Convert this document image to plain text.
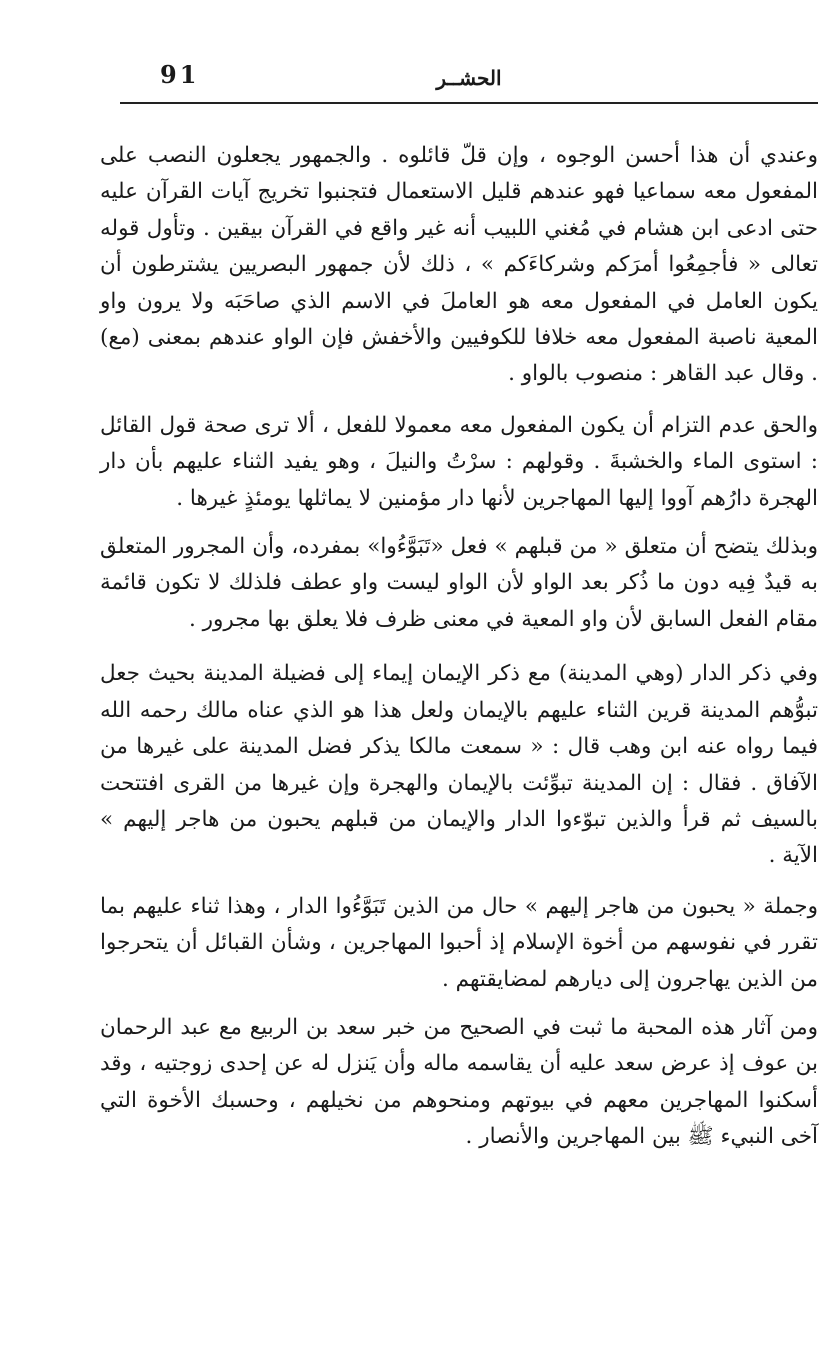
91	الحشــر

وعندي أن هذا أحسن الوجوه ، وإن قلّ قائلوه . والجمهور يجعلون النصب على المفعول معه سماعيا فهو عندهم قليل الاستعمال فتجنبوا تخريج آيات القرآن عليه حتى ادعى ابن هشام في مُغني اللبيب أنه غير واقع في القرآن بيقين . وتأول قوله تعالى « فأجمِعُوا أمرَكم وشركاءَكم » ، ذلك لأن جمهور البصريين يشترطون أن يكون العامل في المفعول معه هو العاملَ في الاسم الذي صاحَبَه ولا يرون واو المعية ناصبة المفعول معه خلافا للكوفيين والأخفش فإن الواو عندهم بمعنى (مع) . وقال عبد القاهر : منصوب بالواو .

والحق عدم التزام أن يكون المفعول معه معمولا للفعل ، ألا ترى صحة قول القائل : استوى الماء والخشبةَ . وقولهم : سرْتُ والنيلَ ، وهو يفيد الثناء عليهم بأن دار الهجرة دارُهم آووا إليها المهاجرين لأنها دار مؤمنين لا يماثلها يومئذٍ غيرها .

وبذلك يتضح أن متعلق « من قبلهم » فعل «تَبَوَّءُوا» بمفرده، وأن المجرور المتعلق به قيدٌ فِيه دون ما ذُكر بعد الواو لأن الواو ليست واو عطف فلذلك لا تكون قائمة مقام الفعل السابق لأن واو المعية في معنى ظرف فلا يعلق بها مجرور .

وفي ذكر الدار (وهي المدينة) مع ذكر الإيمان إيماء إلى فضيلة المدينة بحيث جعل تبوُّهم المدينة قرين الثناء عليهم بالإيمان ولعل هذا هو الذي عناه مالك رحمه الله فيما رواه عنه ابن وهب قال : « سمعت مالكا يذكر فضل المدينة على غيرها من الآفاق . فقال : إن المدينة تبوِّئت بالإيمان والهجرة وإن غيرها من القرى افتتحت بالسيف ثم قرأ والذين تبوّءوا الدار والإيمان من قبلهم يحبون من هاجر إليهم » الآية .

وجملة « يحبون من هاجر إليهم » حال من الذين تَبَوَّءُوا الدار ، وهذا ثناء عليهم بما تقرر في نفوسهم من أخوة الإسلام إذ أحبوا المهاجرين ، وشأن القبائل أن يتحرجوا من الذين يهاجرون إلى ديارهم لمضايقتهم .

ومن آثار هذه المحبة ما ثبت في الصحيح من خبر سعد بن الربيع مع عبد الرحمان بن عوف إذ عرض سعد عليه أن يقاسمه ماله وأن يَنزل له عن إحدى زوجتيه ، وقد أسكنوا المهاجرين معهم في بيوتهم ومنحوهم من نخيلهم ، وحسبك الأخوة التي آخى النبيء ﷺ بين المهاجرين والأنصار .
